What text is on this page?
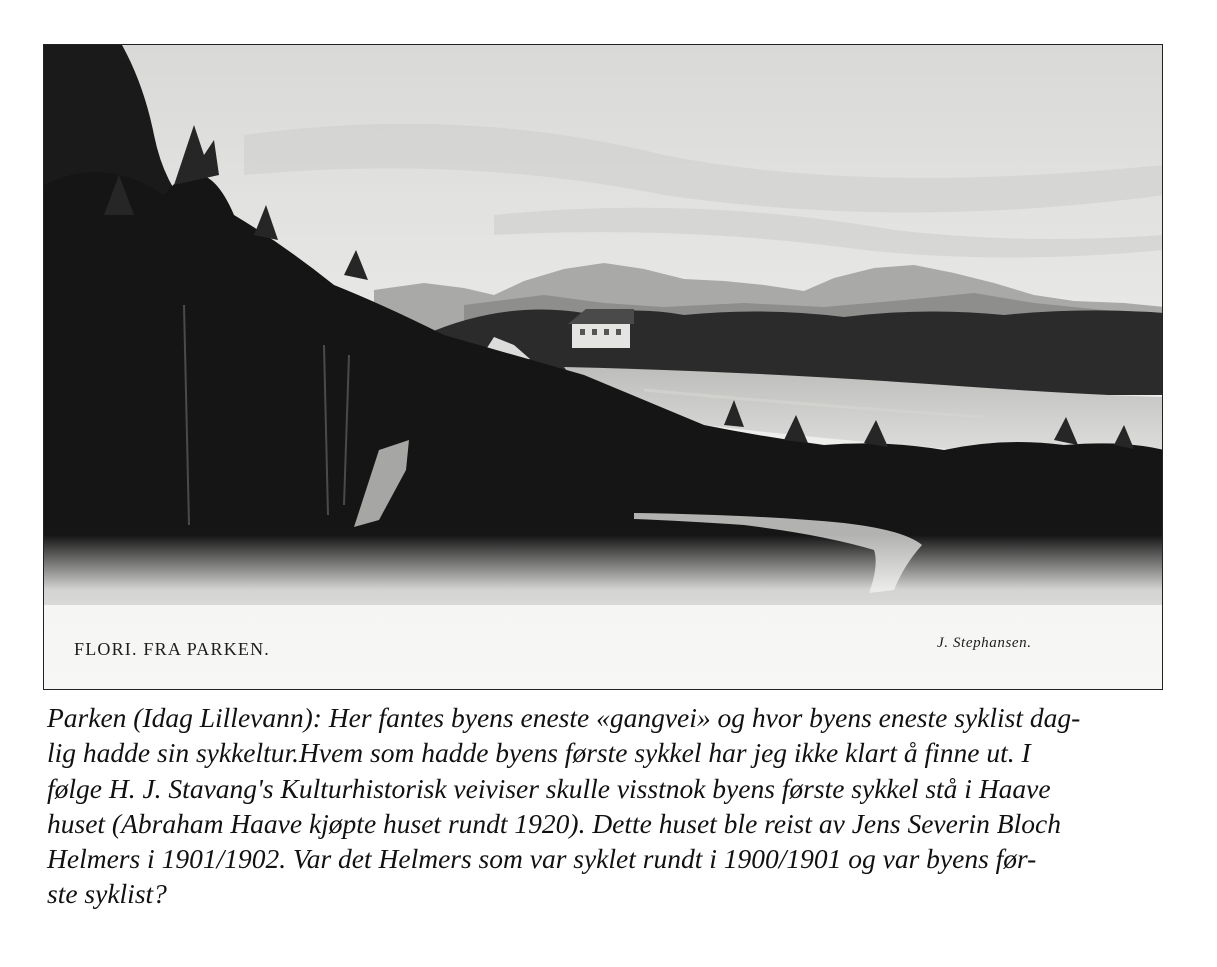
FLORI. FRA PARKEN.	J. Stephansen.

Parken (Idag Lillevann): Her fantes byens eneste «gangvei» og hvor byens eneste syklist dag-
lig hadde sin sykkeltur.Hvem som hadde byens første sykkel har jeg ikke klart å finne ut. I
følge H. J. Stavang's Kulturhistorisk veiviser skulle visstnok byens første sykkel stå i Haave
huset (Abraham Haave kjøpte huset rundt 1920). Dette huset ble reist av Jens Severin Bloch
Helmers i 1901/1902. Var det Helmers som var syklet rundt i 1900/1901 og var byens før-
ste syklist?
